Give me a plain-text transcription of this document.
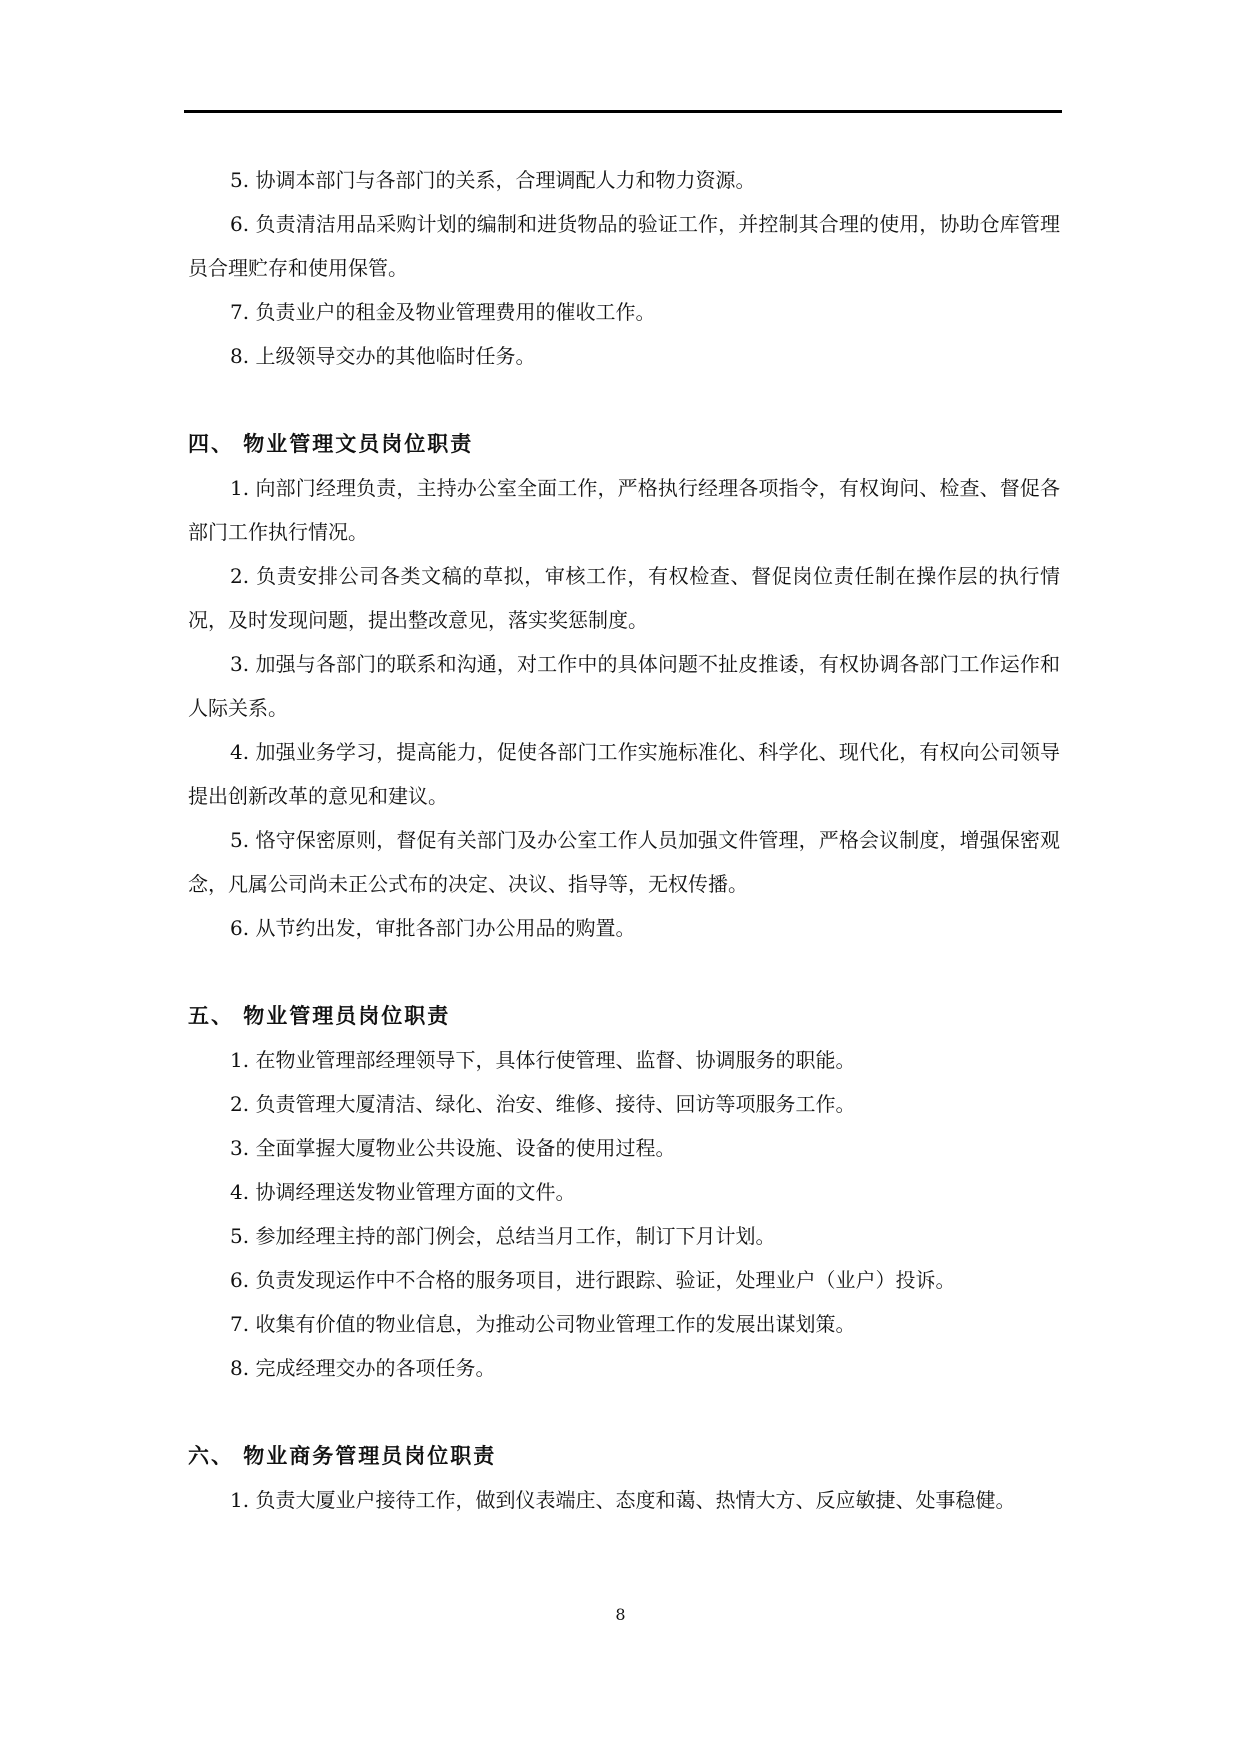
5. 协调本部门与各部门的关系，合理调配人力和物力资源。

6. 负责清洁用品采购计划的编制和进货物品的验证工作，并控制其合理的使用，协助仓库管理员合理贮存和使用保管。

7. 负责业户的租金及物业管理费用的催收工作。

8. 上级领导交办的其他临时任务。

四、 物业管理文员岗位职责

1. 向部门经理负责，主持办公室全面工作，严格执行经理各项指令，有权询问、检查、督促各部门工作执行情况。

2. 负责安排公司各类文稿的草拟，审核工作，有权检查、督促岗位责任制在操作层的执行情况，及时发现问题，提出整改意见，落实奖惩制度。

3. 加强与各部门的联系和沟通，对工作中的具体问题不扯皮推诿，有权协调各部门工作运作和人际关系。

4. 加强业务学习，提高能力，促使各部门工作实施标准化、科学化、现代化，有权向公司领导提出创新改革的意见和建议。

5. 恪守保密原则，督促有关部门及办公室工作人员加强文件管理，严格会议制度，增强保密观念，凡属公司尚未正公式布的决定、决议、指导等，无权传播。

6. 从节约出发，审批各部门办公用品的购置。

五、 物业管理员岗位职责

1. 在物业管理部经理领导下，具体行使管理、监督、协调服务的职能。

2. 负责管理大厦清洁、绿化、治安、维修、接待、回访等项服务工作。

3. 全面掌握大厦物业公共设施、设备的使用过程。

4. 协调经理送发物业管理方面的文件。

5. 参加经理主持的部门例会，总结当月工作，制订下月计划。

6. 负责发现运作中不合格的服务项目，进行跟踪、验证，处理业户（业户）投诉。

7. 收集有价值的物业信息，为推动公司物业管理工作的发展出谋划策。

8. 完成经理交办的各项任务。

六、 物业商务管理员岗位职责

1. 负责大厦业户接待工作，做到仪表端庄、态度和蔼、热情大方、反应敏捷、处事稳健。

8
